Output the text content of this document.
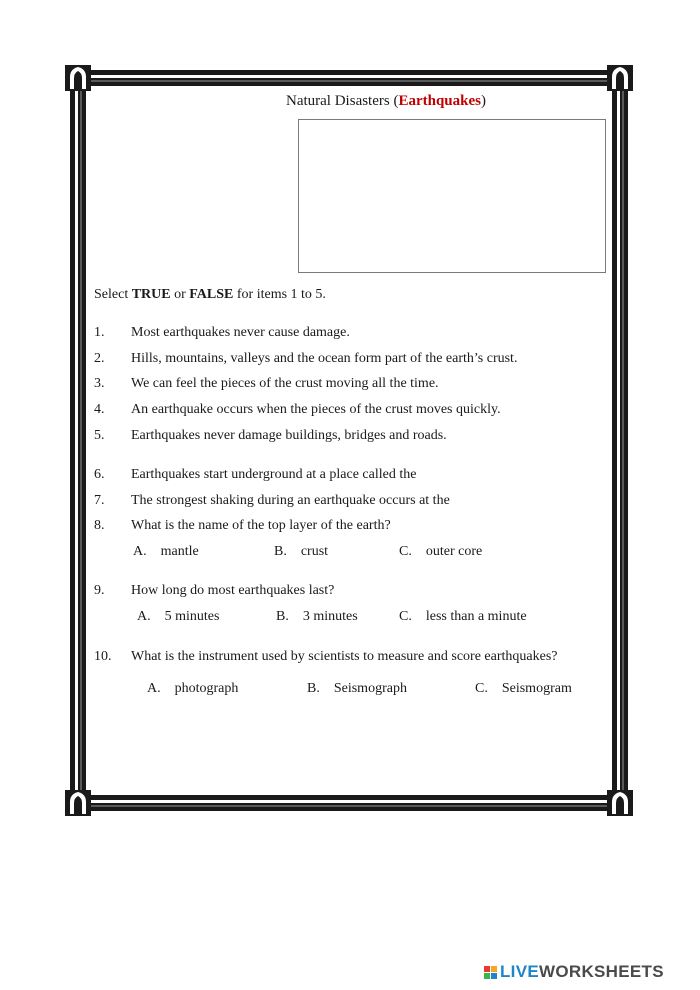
Natural Disasters (Earthquakes)
Select TRUE or FALSE for items 1 to 5.
1. Most earthquakes never cause damage.
2. Hills, mountains, valleys and the ocean form part of the earth’s crust.
3. We can feel the pieces of the crust moving all the time.
4. An earthquake occurs when the pieces of the crust moves quickly.
5. Earthquakes never damage buildings, bridges and roads.
6. Earthquakes start underground at a place called the
7. The strongest shaking during an earthquake occurs at the
8. What is the name of the top layer of the earth?
A. mantle	B. crust	C. outer core
9. How long do most earthquakes last?
A. 5 minutes	B. 3 minutes	C. less than a minute
10. What is the instrument used by scientists to measure and score earthquakes?
A. photograph	B. Seismograph	C. Seismogram
LIVEWORKSHEETS
